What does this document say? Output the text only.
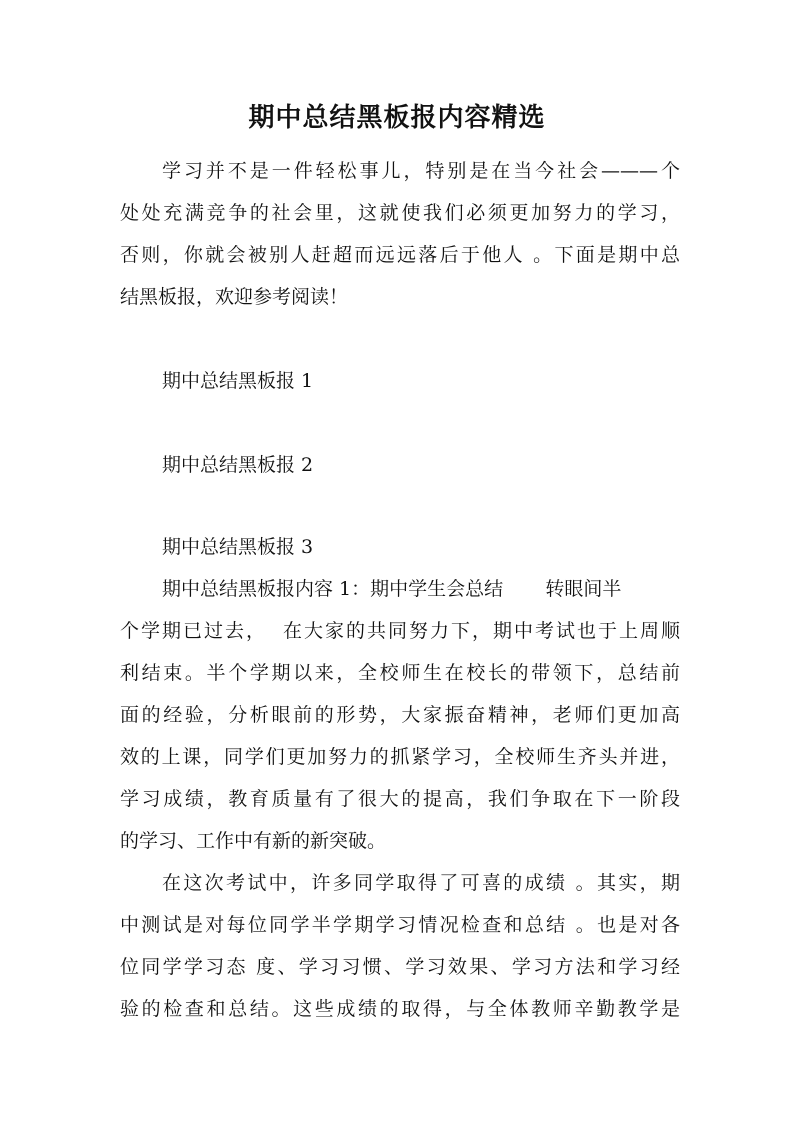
期中总结黑板报内容精选

学习并不是一件轻松事儿，特别是在当今社会———个

处处充满竞争的社会里，这就使我们必须更加努力的学习，

否则，你就会被别人赶超而远远落后于他人 。下面是期中总

结黑板报，欢迎参考阅读！

期中总结黑板报 1

期中总结黑板报 2

期中总结黑板报 3

期中总结黑板报内容 1：期中学生会总结       转眼间半

个学期已过去，  在大家的共同努力下，期中考试也于上周顺

利结束。半个学期以来，全校师生在校长的带领下，总结前

面的经验，分析眼前的形势，大家振奋精神，老师们更加高

效的上课，同学们更加努力的抓紧学习，全校师生齐头并进，

学习成绩，教育质量有了很大的提高，我们争取在下一阶段

的学习、工作中有新的新突破。

在这次考试中，许多同学取得了可喜的成绩 。其实，期

中测试是对每位同学半学期学习情况检查和总结 。也是对各

位同学学习态 度、学习习惯、学习效果、学习方法和学习经

验的检查和总结。这些成绩的取得，与全体教师辛勤教学是
